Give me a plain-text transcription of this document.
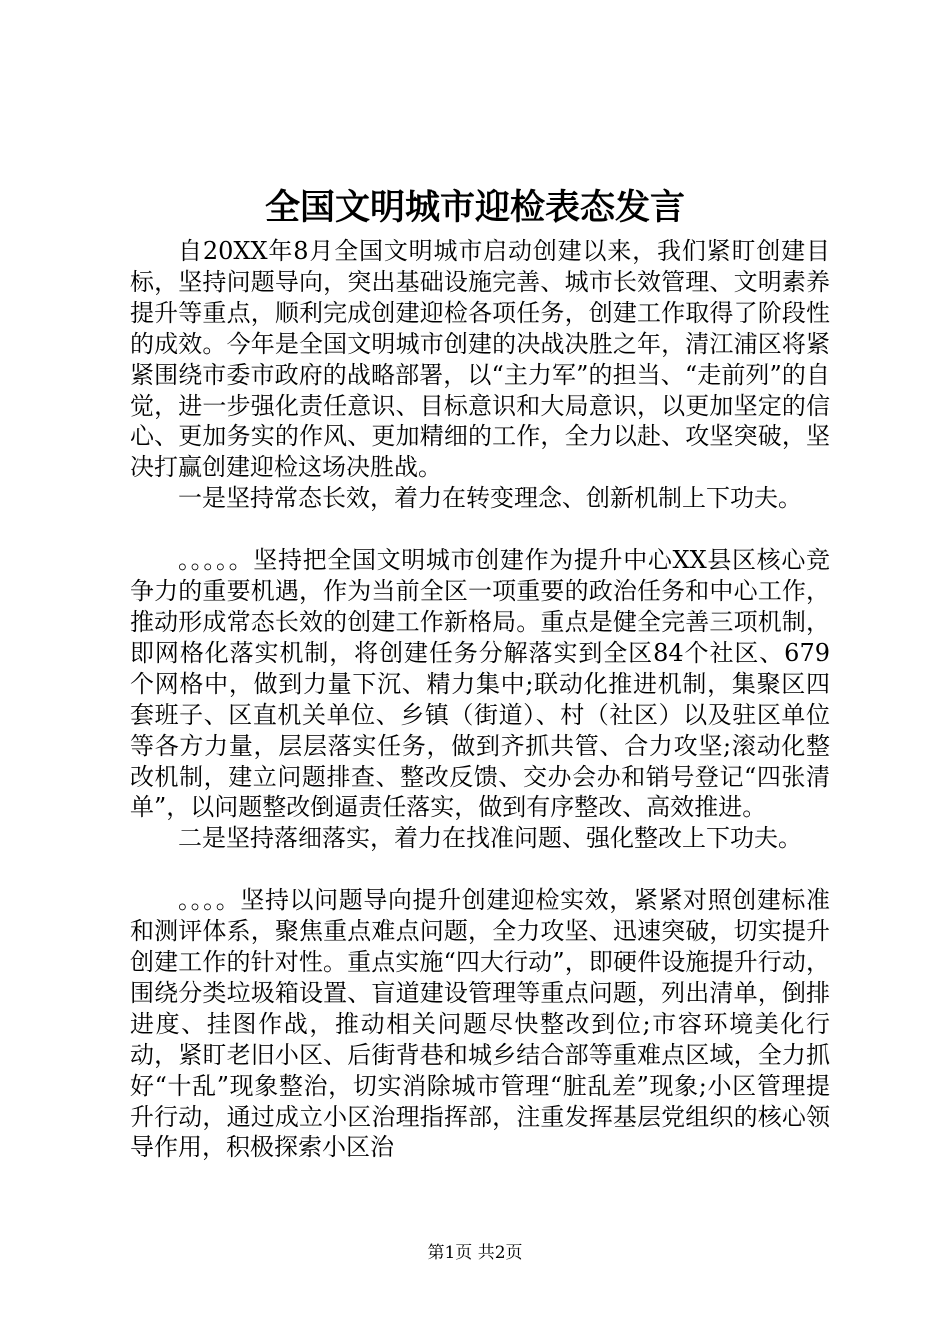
全国文明城市迎检表态发言

自20XX年8月全国文明城市启动创建以来，我们紧盯创建目标，坚持问题导向，突出基础设施完善、城市长效管理、文明素养提升等重点，顺利完成创建迎检各项任务，创建工作取得了阶段性的成效。今年是全国文明城市创建的决战决胜之年，清江浦区将紧紧围绕市委市政府的战略部署，以“主力军”的担当、“走前列”的自觉，进一步强化责任意识、目标意识和大局意识，以更加坚定的信心、更加务实的作风、更加精细的工作，全力以赴、攻坚突破，坚决打赢创建迎检这场决胜战。

一是坚持常态长效，着力在转变理念、创新机制上下功夫。

。。。。。坚持把全国文明城市创建作为提升中心XX县区核心竞争力的重要机遇，作为当前全区一项重要的政治任务和中心工作，推动形成常态长效的创建工作新格局。重点是健全完善三项机制，即网格化落实机制，将创建任务分解落实到全区84个社区、679个网格中，做到力量下沉、精力集中;联动化推进机制，集聚区四套班子、区直机关单位、乡镇（街道）、村（社区）以及驻区单位等各方力量，层层落实任务，做到齐抓共管、合力攻坚;滚动化整改机制，建立问题排查、整改反馈、交办会办和销号登记“四张清单”，以问题整改倒逼责任落实，做到有序整改、高效推进。

二是坚持落细落实，着力在找准问题、强化整改上下功夫。

。。。。坚持以问题导向提升创建迎检实效，紧紧对照创建标准和测评体系，聚焦重点难点问题，全力攻坚、迅速突破，切实提升创建工作的针对性。重点实施“四大行动”，即硬件设施提升行动，围绕分类垃圾箱设置、盲道建设管理等重点问题，列出清单，倒排进度、挂图作战，推动相关问题尽快整改到位;市容环境美化行动，紧盯老旧小区、后街背巷和城乡结合部等重难点区域，全力抓好“十乱”现象整治，切实消除城市管理“脏乱差”现象;小区管理提升行动，通过成立小区治理指挥部，注重发挥基层党组织的核心领导作用，积极探索小区治

第1页 共2页
